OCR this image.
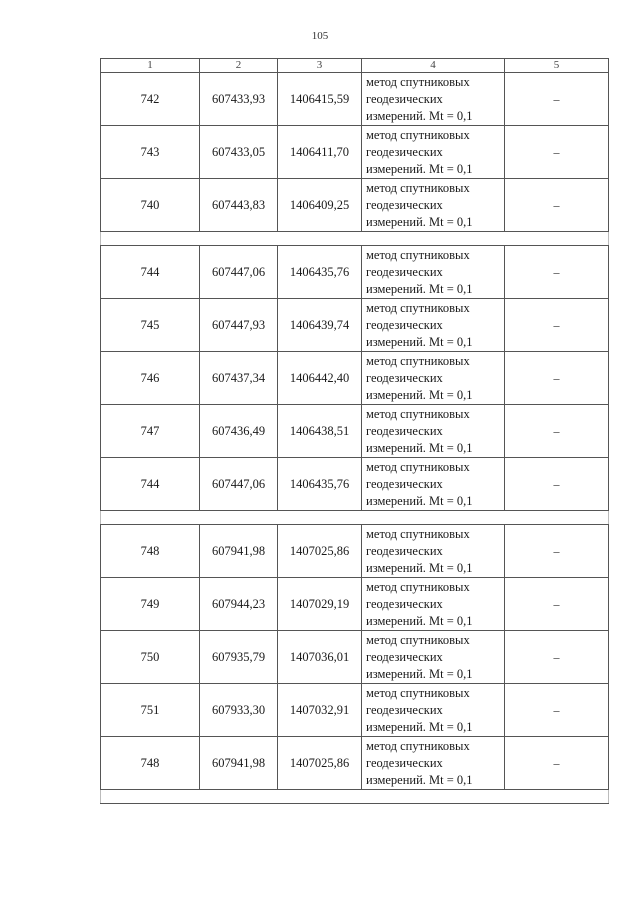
105
1	2	3	4	5
742	607433,93	1406415,59	метод спутниковых
геодезических
измерений. Mt = 0,1	–
743	607433,05	1406411,70	метод спутниковых
геодезических
измерений. Mt = 0,1	–
740	607443,83	1406409,25	метод спутниковых
геодезических
измерений. Mt = 0,1	–

744	607447,06	1406435,76	метод спутниковых
геодезических
измерений. Mt = 0,1	–
745	607447,93	1406439,74	метод спутниковых
геодезических
измерений. Mt = 0,1	–
746	607437,34	1406442,40	метод спутниковых
геодезических
измерений. Mt = 0,1	–
747	607436,49	1406438,51	метод спутниковых
геодезических
измерений. Mt = 0,1	–
744	607447,06	1406435,76	метод спутниковых
геодезических
измерений. Mt = 0,1	–

748	607941,98	1407025,86	метод спутниковых
геодезических
измерений. Mt = 0,1	–
749	607944,23	1407029,19	метод спутниковых
геодезических
измерений. Mt = 0,1	–
750	607935,79	1407036,01	метод спутниковых
геодезических
измерений. Mt = 0,1	–
751	607933,30	1407032,91	метод спутниковых
геодезических
измерений. Mt = 0,1	–
748	607941,98	1407025,86	метод спутниковых
геодезических
измерений. Mt = 0,1	–
